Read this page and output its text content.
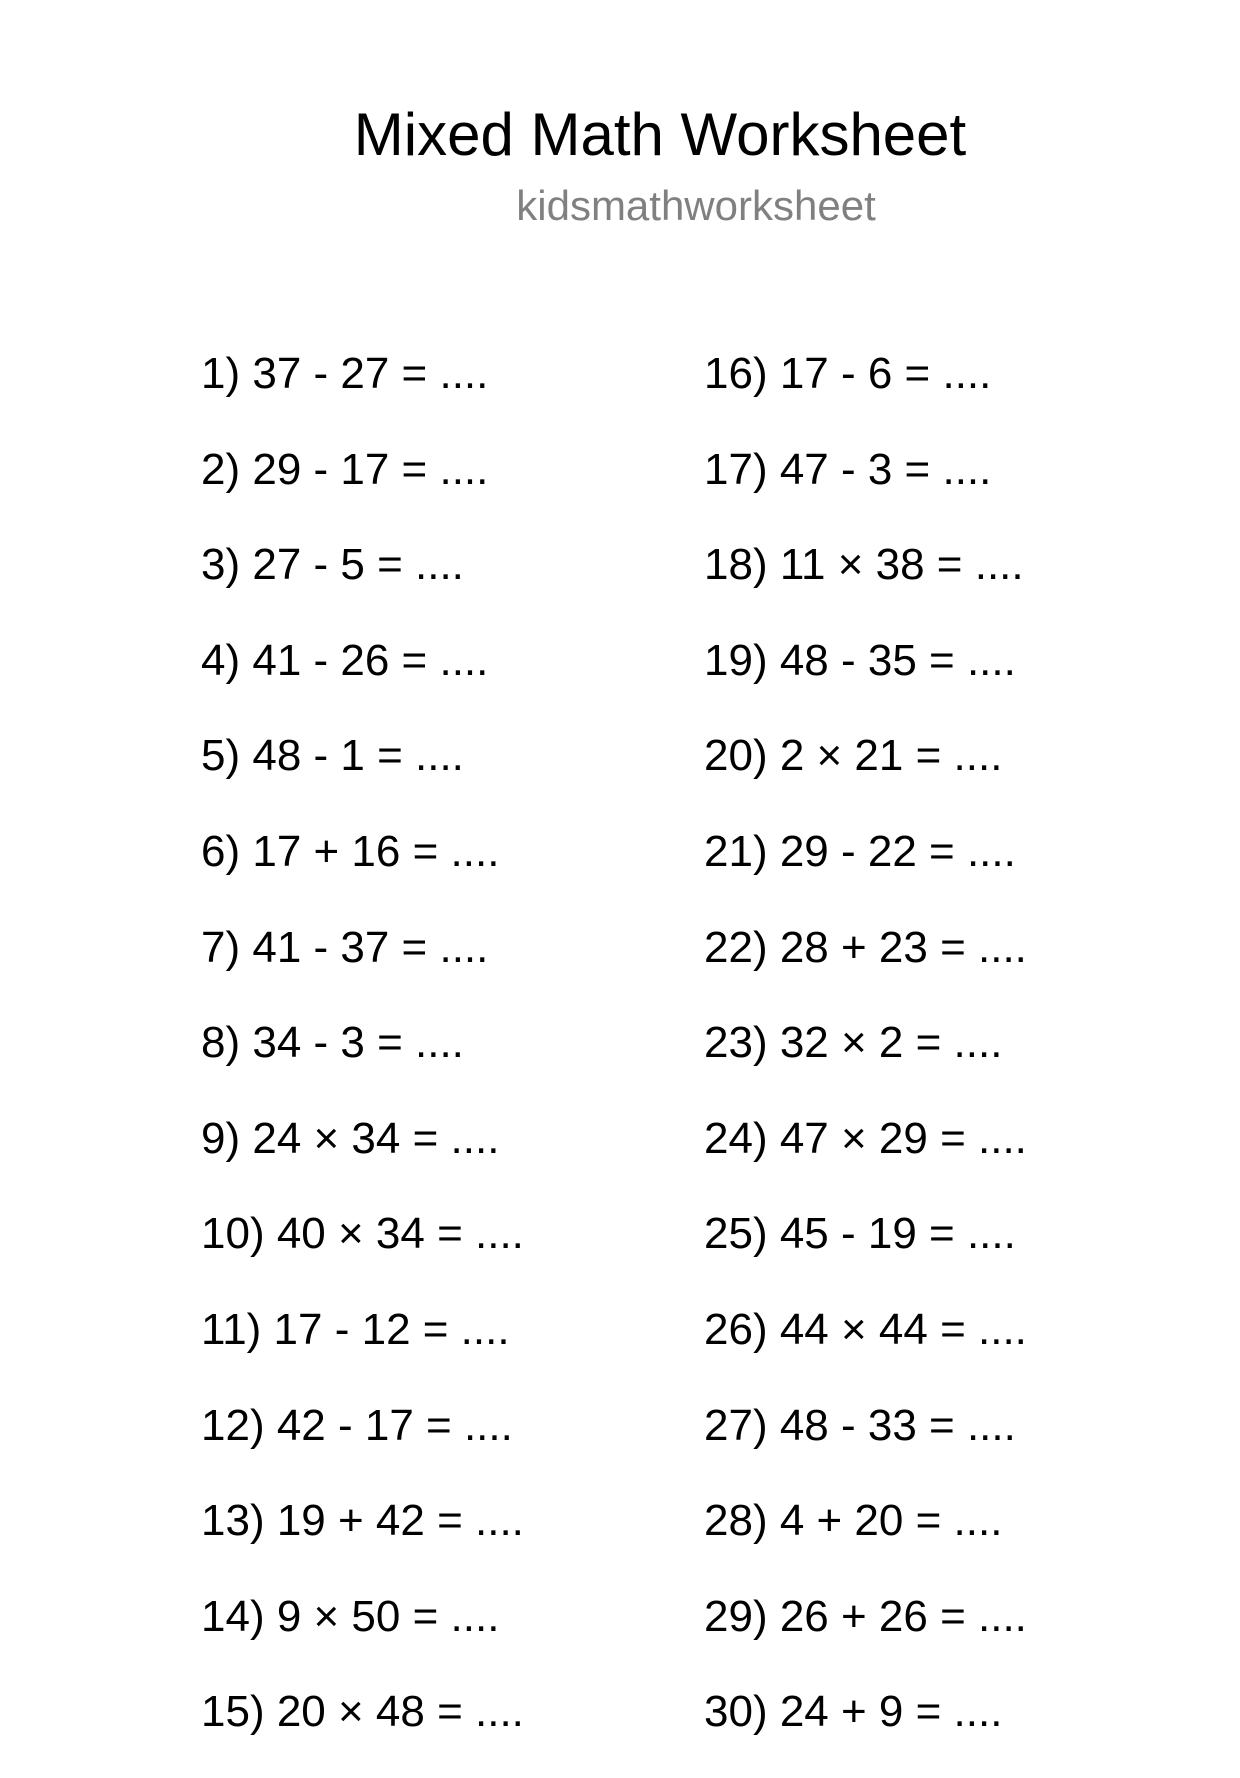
Mixed Math Worksheet
kidsmathworksheet
1) 37 - 27 = ....
2) 29 - 17 = ....
3) 27 - 5 = ....
4) 41 - 26 = ....
5) 48 - 1 = ....
6) 17 + 16 = ....
7) 41 - 37 = ....
8) 34 - 3 = ....
9) 24 × 34 = ....
10) 40 × 34 = ....
11) 17 - 12 = ....
12) 42 - 17 = ....
13) 19 + 42 = ....
14) 9 × 50 = ....
15) 20 × 48 = ....
16) 17 - 6 = ....
17) 47 - 3 = ....
18) 11 × 38 = ....
19) 48 - 35 = ....
20) 2 × 21 = ....
21) 29 - 22 = ....
22) 28 + 23 = ....
23) 32 × 2 = ....
24) 47 × 29 = ....
25) 45 - 19 = ....
26) 44 × 44 = ....
27) 48 - 33 = ....
28) 4 + 20 = ....
29) 26 + 26 = ....
30) 24 + 9 = ....
